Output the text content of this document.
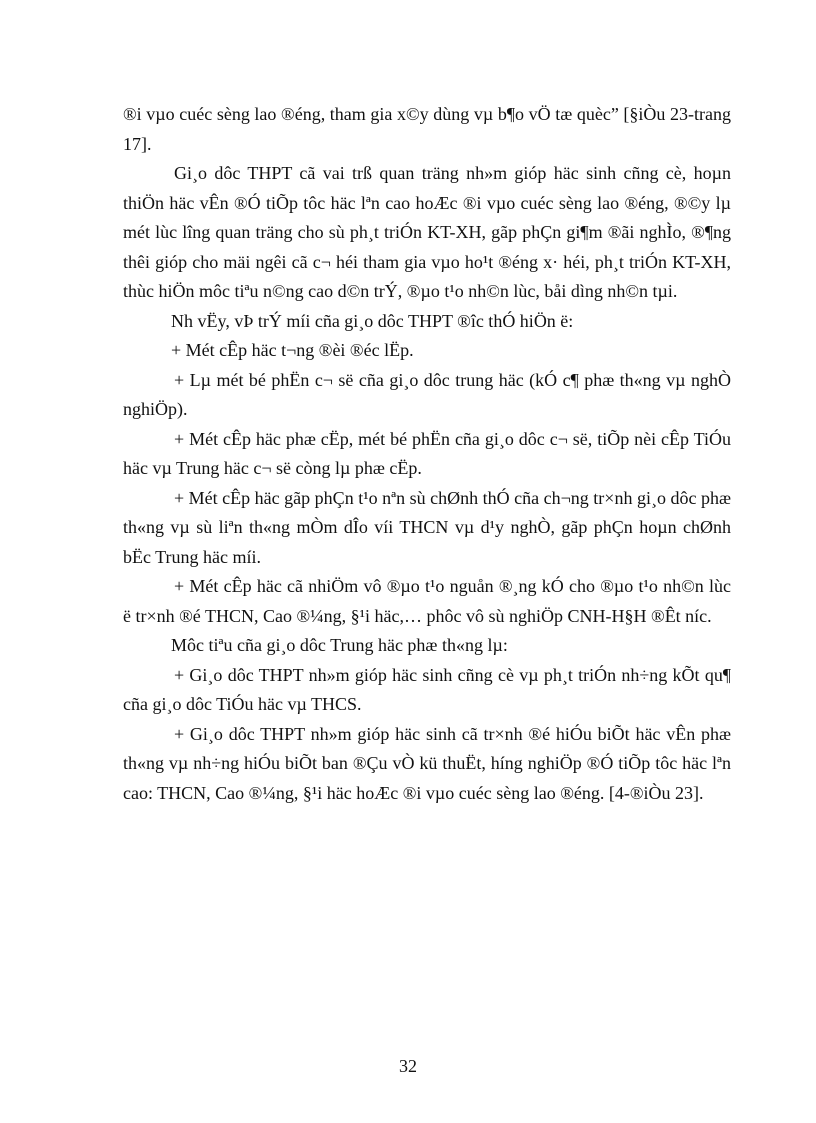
®i vµo cuéc sèng lao ®éng, tham gia x©y dùng vµ b¶o vÖ tæ quèc” [§iÒu 23-trang 17].

Gi¸o dôc THPT cã vai trß quan träng nh»m gióp häc sinh cñng cè, hoµn thiÖn häc vÊn ®Ó tiÕp tôc häc lªn cao hoÆc ®i vµo cuéc sèng lao ®éng, ®©y lµ mét lùc lîng quan träng cho sù ph¸t triÓn KT-XH, gãp phÇn gi¶m ®ãi nghÌo, ®¶ng thêi gióp cho mäi ngêi cã c¬ héi tham gia vµo ho¹t ®éng x· héi, ph¸t triÓn KT-XH, thùc hiÖn môc tiªu n©ng cao d©n trÝ, ®µo t¹o nh©n lùc, båi dìng nh©n tµi.

Nh vËy, vÞ trÝ míi cña gi¸o dôc THPT ®îc thÓ hiÖn ë:

+ Mét cÊp häc t¬ng ®èi ®éc lËp.

+ Lµ mét bé phËn c¬ së cña gi¸o dôc trung häc (kÓ c¶ phæ th«ng vµ nghÒ nghiÖp).

+ Mét cÊp häc phæ cËp, mét bé phËn cña gi¸o dôc c¬ së, tiÕp nèi cÊp TiÓu häc vµ Trung häc c¬ së còng lµ phæ cËp.

+ Mét cÊp häc gãp phÇn t¹o nªn sù chØnh thÓ cña ch¬ng tr×nh gi¸o dôc phæ th«ng vµ sù liªn th«ng mÒm dÎo víi THCN vµ d¹y nghÒ, gãp phÇn hoµn chØnh bËc Trung häc míi.

+ Mét cÊp häc cã nhiÖm vô ®µo t¹o nguån ®¸ng kÓ cho ®µo t¹o nh©n lùc ë tr×nh ®é THCN, Cao ®¼ng, §¹i häc,… phôc vô sù nghiÖp CNH-H§H ®Êt níc.

Môc tiªu cña gi¸o dôc Trung häc phæ th«ng lµ:

+ Gi¸o dôc THPT nh»m gióp häc sinh cñng cè vµ ph¸t triÓn nh÷ng kÕt qu¶ cña gi¸o dôc TiÓu häc vµ THCS.

+ Gi¸o dôc THPT nh»m gióp häc sinh cã tr×nh ®é hiÓu biÕt häc vÊn phæ th«ng vµ nh÷ng hiÓu biÕt ban ®Çu vÒ kü thuËt, híng nghiÖp ®Ó tiÕp tôc häc lªn cao: THCN, Cao ®¼ng, §¹i häc hoÆc ®i vµo cuéc sèng lao ®éng. [4-®iÒu 23].

32
